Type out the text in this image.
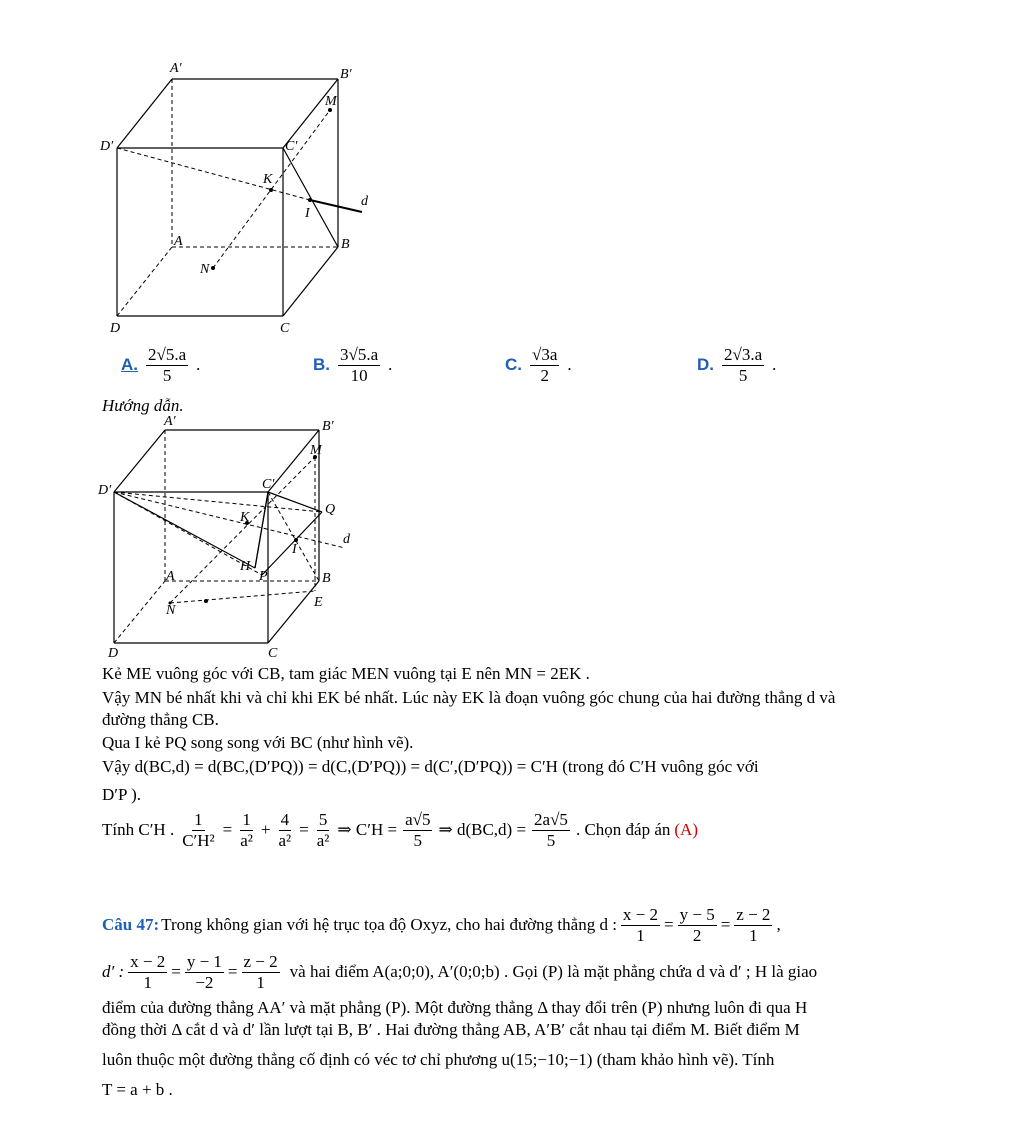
A′	B′
M
D′	C′
K
I
d
A	B
N
D	C
A. $\frac{2√5.a}{5}$ .	B. $\frac{3√5.a}{10}$ .	C. $\frac{√3a}{2}$ .	D. $\frac{2√3.a}{5}$ .
Hướng dẫn.
A′	B′
M
D′	C′
Q
K
d
I
A
H
P	B
N
E
D	C
Kẻ ME vuông góc với CB, tam giác MEN vuông tại E nên MN = 2EK .
Vậy MN bé nhất khi và chỉ khi EK bé nhất. Lúc này EK là đoạn vuông góc chung của hai đường thẳng d và
đường thẳng CB.
Qua I kẻ PQ song song với BC (như hình vẽ).
Vậy d(BC,d) = d(BC,(D′PQ)) = d(C,(D′PQ)) = d(C′,(D′PQ)) = C′H (trong đó C′H vuông góc với
D′P ).
Tính C′H . $\frac{1}{\text{C′H²}} = \frac{1}{\text{a²}} + \frac{4}{\text{a²}} = \frac{5}{\text{a²}}$ ⇒ $C'H = \frac{a√5}{5}$ ⇒ $d(BC,d) = \frac{2a√5}{5}$ . Chọn đáp án (A)
Câu 47: Trong không gian với hệ trục tọa độ Oxyz, cho hai đường thẳng d : $\frac{x - 2}{1} = \frac{y - 5}{2} = \frac{z - 2}{1}$ ,
d′ : $\frac{x - 2}{1} = \frac{y - 1}{-2} = \frac{z - 2}{1}$ và hai điểm A(a;0;0), A′(0;0;b) . Gọi (P) là mặt phẳng chứa d và d′ ; H là giao
điểm của đường thẳng AA′ và mặt phẳng (P). Một đường thẳng Δ thay đổi trên (P) nhưng luôn đi qua H
đồng thời Δ cắt d và d′ lần lượt tại B, B′ . Hai đường thẳng AB, A′B′ cắt nhau tại điểm M. Biết điểm M
luôn thuộc một đường thẳng cố định có véc tơ chỉ phương u(15;−10;−1) (tham khảo hình vẽ). Tính
T = a + b .
